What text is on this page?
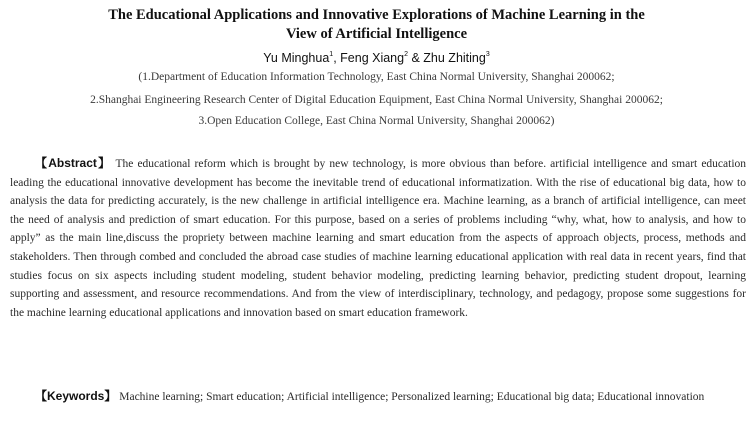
The Educational Applications and Innovative Explorations of Machine Learning in the
View of Artificial Intelligence
Yu Minghua$^1$, Feng Xiang$^2$ & Zhu Zhiting$^3$
(1.Department of Education Information Technology, East China Normal University, Shanghai 200062;
2.Shanghai Engineering Research Center of Digital Education Equipment, East China Normal University, Shanghai 200062;
3.Open Education College, East China Normal University, Shanghai 200062)
【Abstract】 The educational reform which is brought by new technology, is more obvious than before. artificial intelligence and smart education leading the educational innovative development has become the inevitable trend of educational informatization. With the rise of educational big data, how to analysis the data for predicting accurately, is the new challenge in artificial intelligence era. Machine learning, as a branch of artificial intelligence, can meet the need of analysis and prediction of smart education. For this purpose, based on a series of problems including “why, what, how to analysis, and how to apply” as the main line,discuss the propriety between machine learning and smart education from the aspects of approach objects, process, methods and stakeholders. Then through combed and concluded the abroad case studies of machine learning educational application with real data in recent years, find that studies focus on six aspects including student modeling, student behavior modeling, predicting learning behavior, predicting student dropout, learning supporting and assessment, and resource recommendations. And from the view of interdisciplinary, technology, and pedagogy, propose some suggestions for the machine learning educational applications and innovation based on smart education framework.
【Keywords】 Machine learning; Smart education; Artificial intelligence; Personalized learning; Educational big data; Educational innovation
